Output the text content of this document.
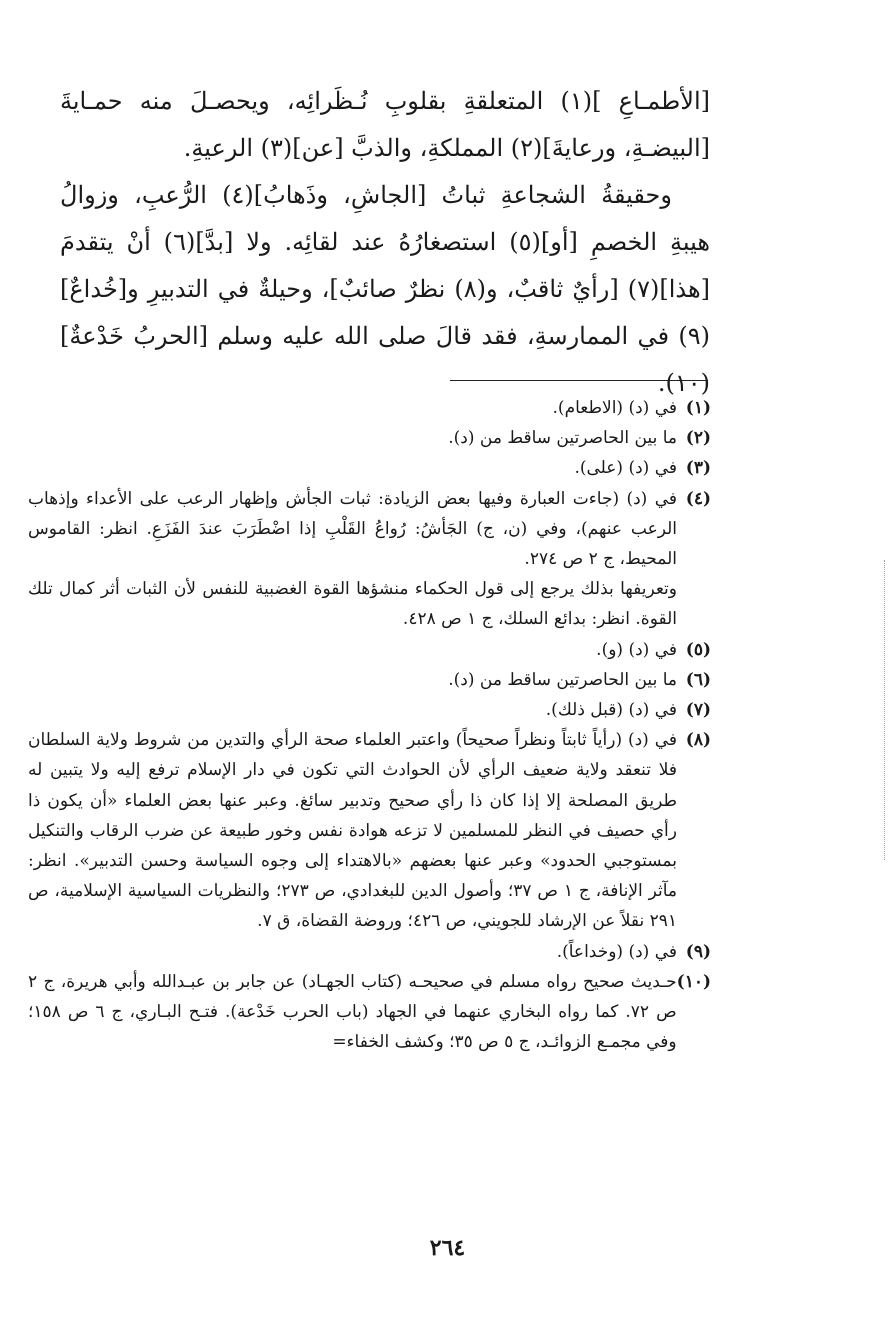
[الأطمـاعِ ](١) المتعلقةِ بقلوبِ نُـظَرائِه، ويحصـلَ منه حمـايةَ [البيضـةِ، ورعايةَ](٢) المملكةِ، والذبَّ [عن](٣) الرعيةِ.

وحقيقةُ الشجاعةِ ثباتُ [الجاشِ، وذَهابُ](٤) الرُّعبِ، وزوالُ هيبةِ الخصمِ [أو](٥) استصغارُهُ عند لقائِه. ولا [بدَّ](٦) أنْ يتقدمَ [هذا](٧) [رأيٌ ثاقبٌ، و(٨) نظرٌ صائبٌ]، وحيلةٌ في التدبيرِ و[خُداعٌ](٩) في الممارسةِ، فقد قالَ صلى الله عليه وسلم [الحربُ خَدْعةٌ](١٠).

(١)

في (د) (الاطعام).

(٢)

ما بين الحاصرتين ساقط من (د).

(٣)

في (د) (على).

(٤)

في (د) (جاءت العبارة وفيها بعض الزيادة: ثبات الجأش وإظهار الرعب على الأعداء وإذهاب الرعب عنهم)، وفي (ن، ج) الجَأشُ: رُواعُ القَلْبِ إذا اضْطَرَبَ عندَ الفَزَعِ. انظر: القاموس المحيط، ج ٢ ص ٢٧٤.

وتعريفها بذلك يرجع إلى قول الحكماء منشؤها القوة الغضبية للنفس لأن الثبات أثر كمال تلك القوة. انظر: بدائع السلك، ج ١ ص ٤٢٨.

(٥)

في (د) (و).

(٦)

ما بين الحاصرتين ساقط من (د).

(٧)

في (د) (قبل ذلك).

(٨)

في (د) (رأياً ثابتاً ونظراً صحيحاً) واعتبر العلماء صحة الرأي والتدين من شروط ولاية السلطان فلا تنعقد ولاية ضعيف الرأي لأن الحوادث التي تكون في دار الإسلام ترفع إليه ولا يتبين له طريق المصلحة إلا إذا كان ذا رأي صحيح وتدبير سائغ. وعبر عنها بعض العلماء «أن يكون ذا رأي حصيف في النظر للمسلمين لا تزعه هوادة نفس وخور طبيعة عن ضرب الرقاب والتنكيل بمستوجبي الحدود» وعبر عنها بعضهم «بالاهتداء إلى وجوه السياسة وحسن التدبير». انظر: مآثر الإنافة، ج ١ ص ٣٧؛ وأصول الدين للبغدادي، ص ٢٧٣؛ والنظريات السياسية الإسلامية، ص ٢٩١ نقلاً عن الإرشاد للجويني، ص ٤٢٦؛ وروضة القضاة، ق ٧.

(٩)

في (د) (وخداعاً).

(١٠)

حـديث صحيح رواه مسلم في صحيحـه (كتاب الجهـاد) عن جابر بن عبـدالله وأبي هريرة، ج ٢ ص ٧٢. كما رواه البخاري عنهما في الجهاد (باب الحرب خَدْعة). فتـح البـاري، ج ٦ ص ١٥٨؛ وفي مجمـع الزوائـد، ج ٥ ص ٣٥؛ وكشف الخفاء=

٢٦٤
